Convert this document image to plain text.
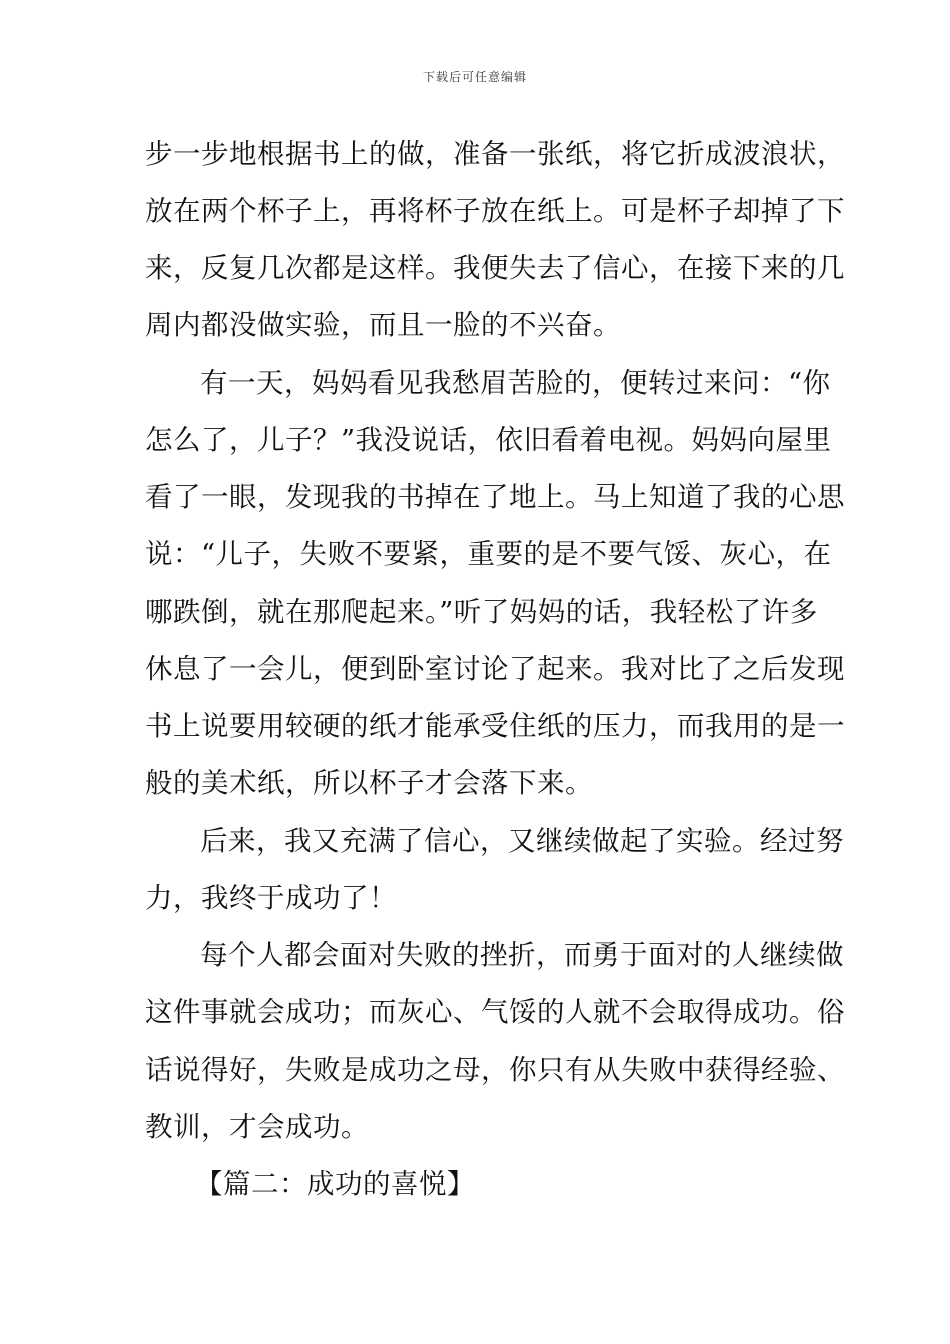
下载后可任意编辑
步一步地根据书上的做，准备一张纸，将它折成波浪状，
放在两个杯子上，再将杯子放在纸上。可是杯子却掉了下
来，反复几次都是这样。我便失去了信心，在接下来的几
周内都没做实验，而且一脸的不兴奋。
有一天，妈妈看见我愁眉苦脸的，便转过来问：“你
怎么了，儿子？”我没说话，依旧看着电视。妈妈向屋里
看了一眼，发现我的书掉在了地上。马上知道了我的心思
说：“儿子，失败不要紧，重要的是不要气馁、灰心，在
哪跌倒，就在那爬起来。”听了妈妈的话，我轻松了许多
休息了一会儿，便到卧室讨论了起来。我对比了之后发现
书上说要用较硬的纸才能承受住纸的压力，而我用的是一
般的美术纸，所以杯子才会落下来。
后来，我又充满了信心，又继续做起了实验。经过努
力，我终于成功了！
每个人都会面对失败的挫折，而勇于面对的人继续做
这件事就会成功；而灰心、气馁的人就不会取得成功。俗
话说得好，失败是成功之母，你只有从失败中获得经验、
教训，才会成功。
【篇二：成功的喜悦】
